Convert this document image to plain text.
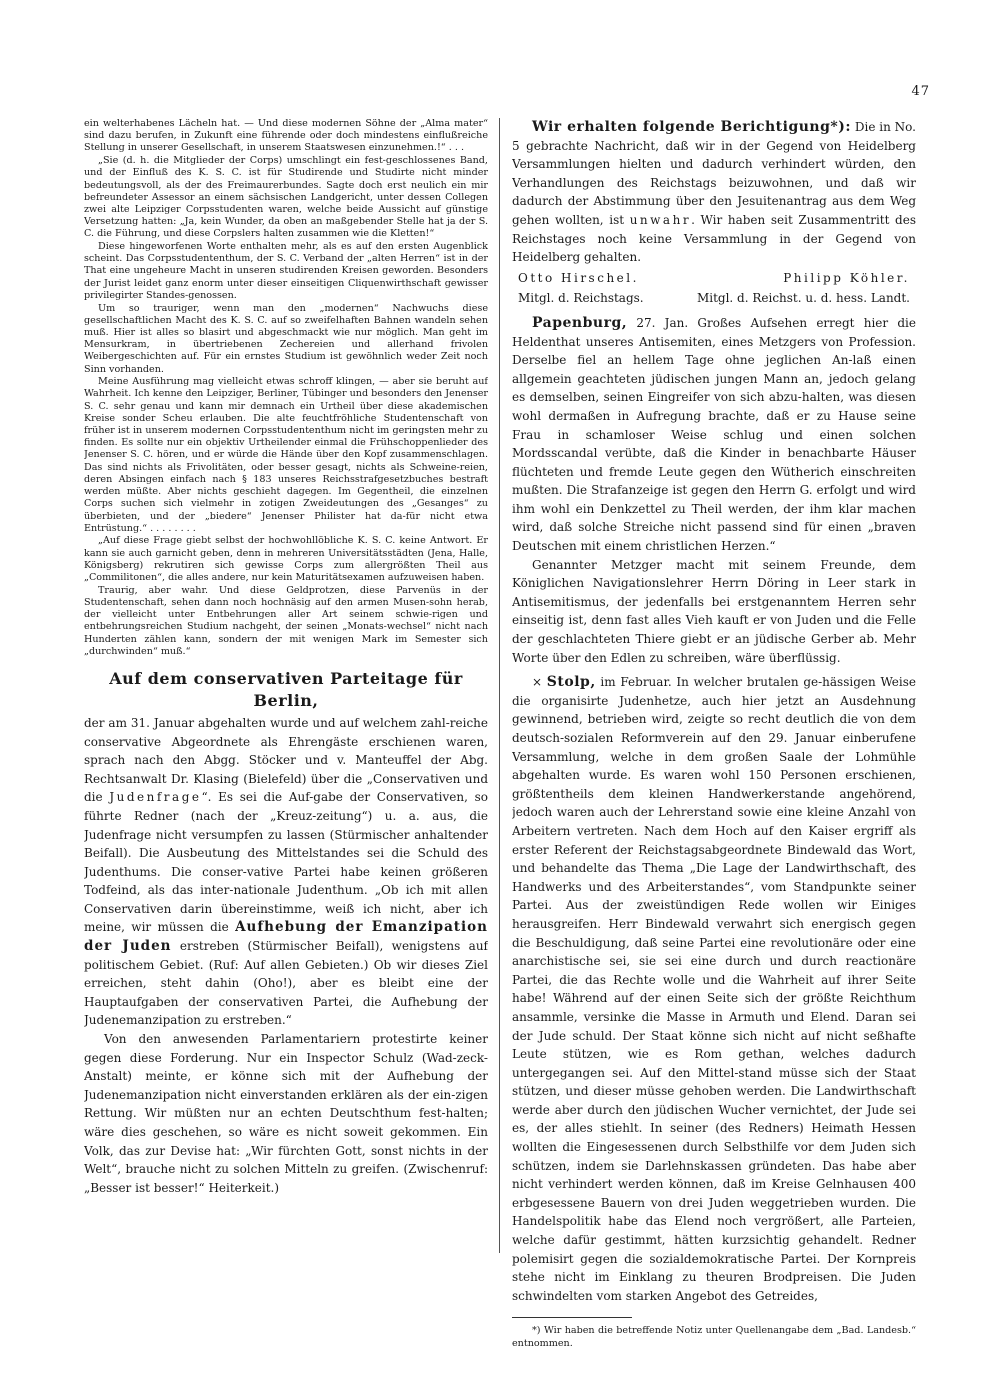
47

ein welterhabenes Lächeln hat. — Und diese modernen Söhne der „Alma mater“ sind dazu berufen, in Zukunft eine führende oder doch mindestens einflußreiche Stellung in unserer Gesellschaft, in unserem Staatswesen einzunehmen.!“ . . .

„Sie (d. h. die Mitglieder der Corps) umschlingt ein fest-geschlossenes Band, und der Einfluß des K. S. C. ist für Studirende und Studirte nicht minder bedeutungsvoll, als der des Freimaurerbundes. Sagte doch erst neulich ein mir befreundeter Assessor an einem sächsischen Landgericht, unter dessen Collegen zwei alte Leipziger Corpsstudenten waren, welche beide Aussicht auf günstige Versetzung hatten: „Ja, kein Wunder, da oben an maßgebender Stelle hat ja der S. C. die Führung, und diese Corpslers halten zusammen wie die Kletten!“

Diese hingeworfenen Worte enthalten mehr, als es auf den ersten Augenblick scheint. Das Corpsstudententhum, der S. C. Verband der „alten Herren“ ist in der That eine ungeheure Macht in unseren studirenden Kreisen geworden. Besonders der Jurist leidet ganz enorm unter dieser einseitigen Cliquenwirthschaft gewisser privilegirter Standes-genossen.

Um so trauriger, wenn man den „modernen“ Nachwuchs diese gesellschaftlichen Macht des K. S. C. auf so zweifelhaften Bahnen wandeln sehen muß. Hier ist alles so blasirt und abgeschmackt wie nur möglich. Man geht im Mensurkram, in übertriebenen Zechereien und allerhand frivolen Weibergeschichten auf. Für ein ernstes Studium ist gewöhnlich weder Zeit noch Sinn vorhanden.

Meine Ausführung mag vielleicht etwas schroff klingen, — aber sie beruht auf Wahrheit. Ich kenne den Leipziger, Berliner, Tübinger und besonders den Jenenser S. C. sehr genau und kann mir demnach ein Urtheil über diese akademischen Kreise sonder Scheu erlauben. Die alte feuchtfröhliche Studentenschaft von früher ist in unserem modernen Corpsstudententhum nicht im geringsten mehr zu finden. Es sollte nur ein objektiv Urtheilender einmal die Frühschoppenlieder des Jenenser S. C. hören, und er würde die Hände über den Kopf zusammenschlagen. Das sind nichts als Frivolitäten, oder besser gesagt, nichts als Schweine-reien, deren Absingen einfach nach § 183 unseres Reichsstrafgesetzbuches bestraft werden müßte. Aber nichts geschieht dagegen. Im Gegentheil, die einzelnen Corps suchen sich vielmehr in zotigen Zweideutungen des „Gesanges“ zu überbieten, und der „biedere“ Jenenser Philister hat da-für nicht etwa Entrüstung.“ . . . . . . . .

„Auf diese Frage giebt selbst der hochwohllöbliche K. S. C. keine Antwort. Er kann sie auch garnicht geben, denn in mehreren Universitätsstädten (Jena, Halle, Königsberg) rekrutiren sich gewisse Corps zum allergrößten Theil aus „Commilitonen“, die alles andere, nur kein Maturitätsexamen aufzuweisen haben.

Traurig, aber wahr. Und diese Geldprotzen, diese Parvenüs in der Studentenschaft, sehen dann noch hochnäsig auf den armen Musen-sohn herab, der vielleicht unter Entbehrungen aller Art seinem schwie-rigen und entbehrungsreichen Studium nachgeht, der seinen „Monats-wechsel“ nicht nach Hunderten zählen kann, sondern der mit wenigen Mark im Semester sich „durchwinden“ muß.“

Auf dem conservativen Parteitage für Berlin,

der am 31. Januar abgehalten wurde und auf welchem zahl-reiche conservative Abgeordnete als Ehrengäste erschienen waren, sprach nach den Abgg. Stöcker und v. Manteuffel der Abg. Rechtsanwalt Dr. Klasing (Bielefeld) über die „Conservativen und die Judenfrage“. Es sei die Auf-gabe der Conservativen, so führte Redner (nach der „Kreuz-zeitung“) u. a. aus, die Judenfrage nicht versumpfen zu lassen (Stürmischer anhaltender Beifall). Die Ausbeutung des Mittelstandes sei die Schuld des Judenthums. Die conser-vative Partei habe keinen größeren Todfeind, als das inter-nationale Judenthum. „Ob ich mit allen Conservativen darin übereinstimme, weiß ich nicht, aber ich meine, wir müssen die Aufhebung der Emanzipation der Juden erstreben (Stürmischer Beifall), wenigstens auf politischem Gebiet. (Ruf: Auf allen Gebieten.) Ob wir dieses Ziel erreichen, steht dahin (Oho!), aber es bleibt eine der Hauptaufgaben der conservativen Partei, die Aufhebung der Judenemanzipation zu erstreben.“

Von den anwesenden Parlamentariern protestirte keiner gegen diese Forderung. Nur ein Inspector Schulz (Wad-zeck-Anstalt) meinte, er könne sich mit der Aufhebung der Judenemanzipation nicht einverstanden erklären als der ein-zigen Rettung. Wir müßten nur an echten Deutschthum fest-halten; wäre dies geschehen, so wäre es nicht soweit gekommen. Ein Volk, das zur Devise hat: „Wir fürchten Gott, sonst nichts in der Welt“, brauche nicht zu solchen Mitteln zu greifen. (Zwischenruf: „Besser ist besser!“ Heiterkeit.)

Wir erhalten folgende Berichtigung*): Die in No. 5 gebrachte Nachricht, daß wir in der Gegend von Heidelberg Versammlungen hielten und dadurch verhindert würden, den Verhandlungen des Reichstags beizuwohnen, und daß wir dadurch der Abstimmung über den Jesuitenantrag aus dem Weg gehen wollten, ist unwahr. Wir haben seit Zusammentritt des Reichstages noch keine Versammlung in der Gegend von Heidelberg gehalten.

Otto Hirschel.	Philipp Köhler.
Mitgl. d. Reichstags.	Mitgl. d. Reichst. u. d. hess. Landt.

Papenburg, 27. Jan. Großes Aufsehen erregt hier die Heldenthat unseres Antisemiten, eines Metzgers von Profession. Derselbe fiel an hellem Tage ohne jeglichen An-laß einen allgemein geachteten jüdischen jungen Mann an, jedoch gelang es demselben, seinen Eingreifer von sich abzu-halten, was diesen wohl dermaßen in Aufregung brachte, daß er zu Hause seine Frau in schamloser Weise schlug und einen solchen Mordsscandal verübte, daß die Kinder in benachbarte Häuser flüchteten und fremde Leute gegen den Wütherich einschreiten mußten. Die Strafanzeige ist gegen den Herrn G. erfolgt und wird ihm wohl ein Denkzettel zu Theil werden, der ihm klar machen wird, daß solche Streiche nicht passend sind für einen „braven Deutschen mit einem christlichen Herzen.“

Genannter Metzger macht mit seinem Freunde, dem Königlichen Navigationslehrer Herrn Döring in Leer stark in Antisemitismus, der jedenfalls bei erstgenanntem Herren sehr einseitig ist, denn fast alles Vieh kauft er von Juden und die Felle der geschlachteten Thiere giebt er an jüdische Gerber ab. Mehr Worte über den Edlen zu schreiben, wäre überflüssig.

× Stolp, im Februar. In welcher brutalen ge-hässigen Weise die organisirte Judenhetze, auch hier jetzt an Ausdehnung gewinnend, betrieben wird, zeigte so recht deutlich die von dem deutsch-sozialen Reformverein auf den 29. Januar einberufene Versammlung, welche in dem großen Saale der Lohmühle abgehalten wurde. Es waren wohl 150 Personen erschienen, größtentheils dem kleinen Handwerkerstande angehörend, jedoch waren auch der Lehrerstand sowie eine kleine Anzahl von Arbeitern vertreten. Nach dem Hoch auf den Kaiser ergriff als erster Referent der Reichstagsabgeordnete Bindewald das Wort, und behandelte das Thema „Die Lage der Landwirthschaft, des Handwerks und des Arbeiterstandes“, vom Standpunkte seiner Partei. Aus der zweistündigen Rede wollen wir Einiges herausgreifen. Herr Bindewald verwahrt sich energisch gegen die Beschuldigung, daß seine Partei eine revolutionäre oder eine anarchistische sei, sie sei eine durch und durch reactionäre Partei, die das Rechte wolle und die Wahrheit auf ihrer Seite habe! Während auf der einen Seite sich der größte Reichthum ansammle, versinke die Masse in Armuth und Elend. Daran sei der Jude schuld. Der Staat könne sich nicht auf nicht seßhafte Leute stützen, wie es Rom gethan, welches dadurch untergegangen sei. Auf den Mittel-stand müsse sich der Staat stützen, und dieser müsse gehoben werden. Die Landwirthschaft werde aber durch den jüdischen Wucher vernichtet, der Jude sei es, der alles stiehlt. In seiner (des Redners) Heimath Hessen wollten die Eingesessenen durch Selbsthilfe vor dem Juden sich schützen, indem sie Darlehnskassen gründeten. Das habe aber nicht verhindert werden können, daß im Kreise Gelnhausen 400 erbgesessene Bauern von drei Juden weggetrieben wurden. Die Handelspolitik habe das Elend noch vergrößert, alle Parteien, welche dafür gestimmt, hätten kurzsichtig gehandelt. Redner polemisirt gegen die sozialdemokratische Partei. Der Kornpreis stehe nicht im Einklang zu theuren Brodpreisen. Die Juden schwindelten vom starken Angebot des Getreides,

*) Wir haben die betreffende Notiz unter Quellenangabe dem „Bad. Landesb.“ entnommen.
